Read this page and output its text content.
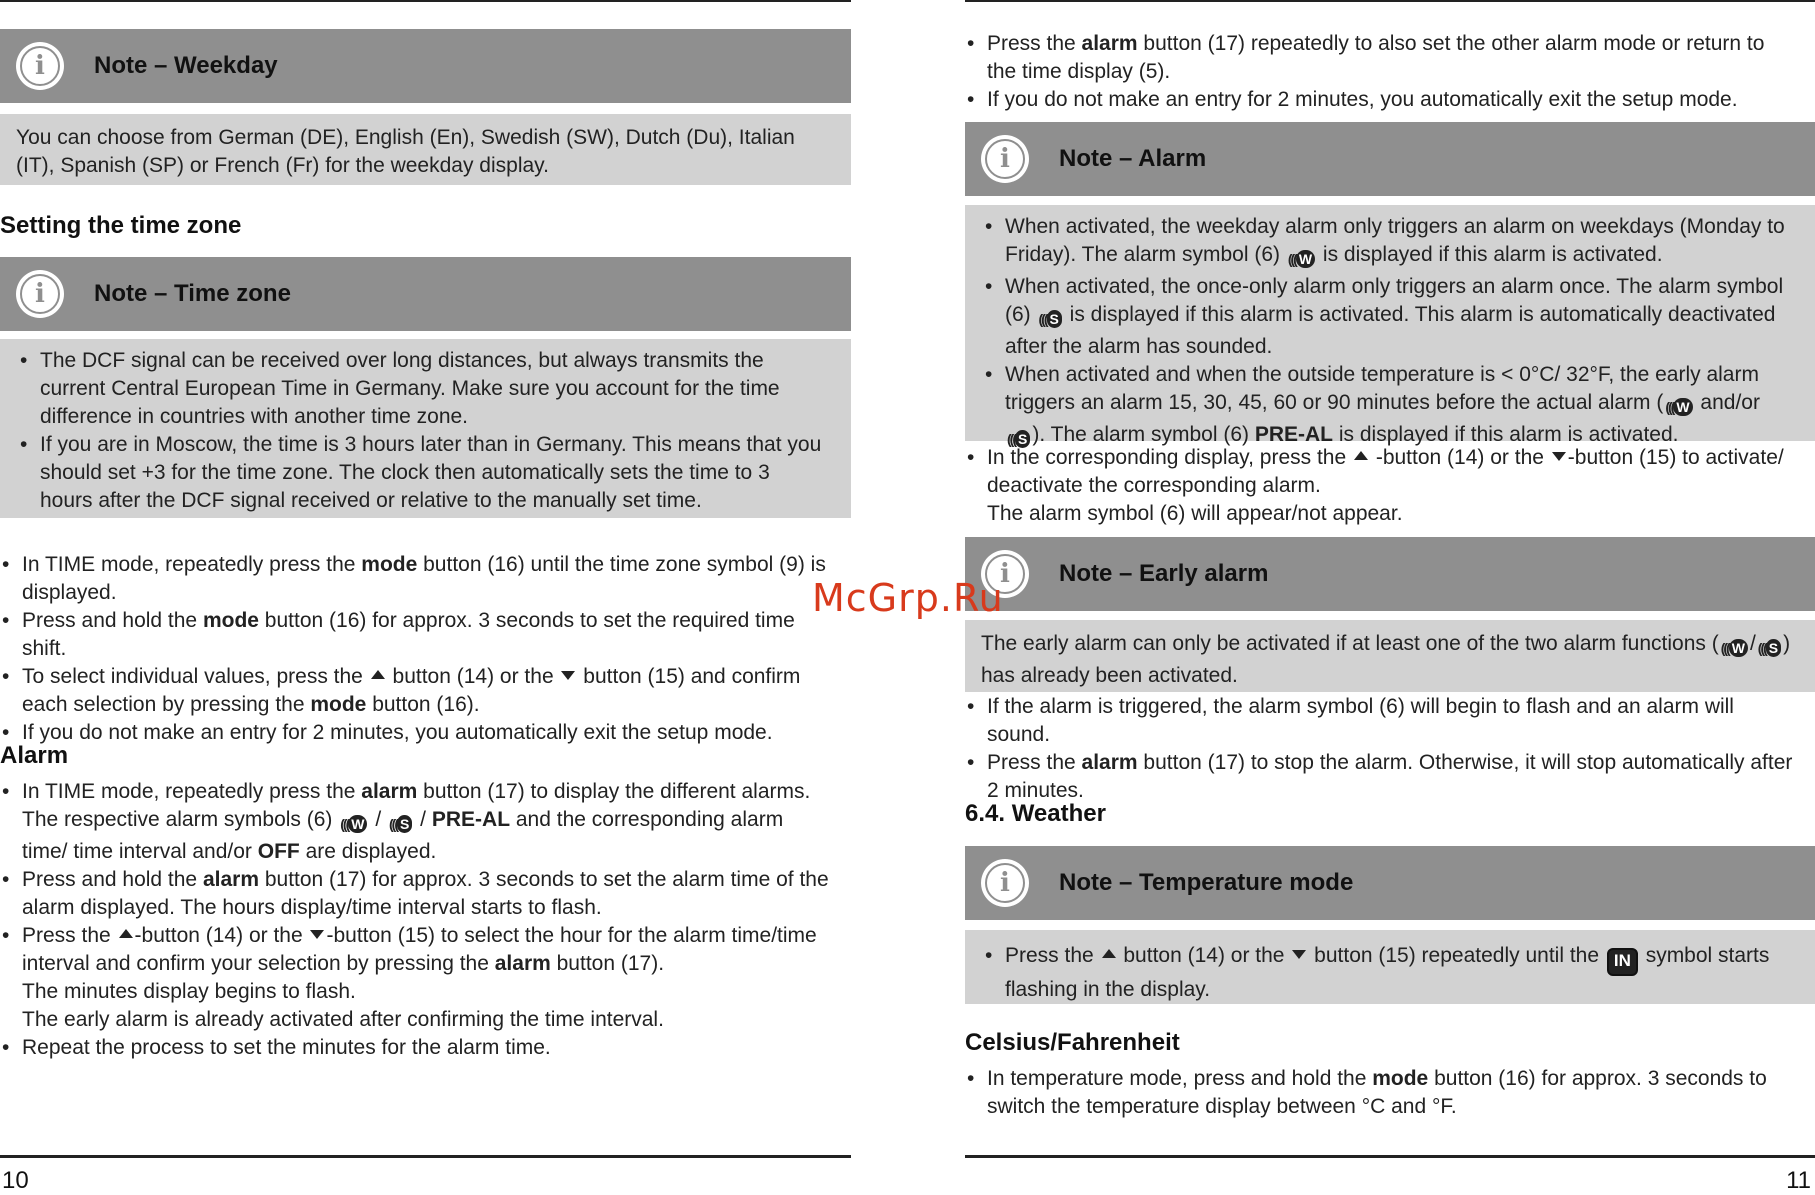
i Note – Weekday
You can choose from German (DE), English (En), Swedish (SW), Dutch (Du), Italian (IT), Spanish (SP) or French (Fr) for the weekday display.
Setting the time zone
i Note – Time zone
• The DCF signal can be received over long distances, but always transmits the current Central European Time in Germany. Make sure you account for the time difference in countries with another time zone.
• If you are in Moscow, the time is 3 hours later than in Germany. This means that you should set +3 for the time zone. The clock then automatically sets the time to 3 hours after the DCF signal received or relative to the manually set time.
• In TIME mode, repeatedly press the mode button (16) until the time zone symbol (9) is displayed.
• Press and hold the mode button (16) for approx. 3 seconds to set the required time shift.
• To select individual values, press the  button (14) or the  button (15) and confirm each selection by pressing the mode button (16).
• If you do not make an entry for 2 minutes, you automatically exit the setup mode.
Alarm
• In TIME mode, repeatedly press the alarm button (17) to display the different alarms.
The respective alarm symbols (6) ((( W / ((( S / PRE-AL and the corresponding alarm time/ time interval and/or OFF are displayed.
• Press and hold the alarm button (17) for approx. 3 seconds to set the alarm time of the alarm displayed. The hours display/time interval starts to flash.
• Press the -button (14) or the -button (15) to select the hour for the alarm time/time interval and confirm your selection by pressing the alarm button (17).
The minutes display begins to flash.
The early alarm is already activated after confirming the time interval.
• Repeat the process to set the minutes for the alarm time.
10
• Press the alarm button (17) repeatedly to also set the other alarm mode or return to the time display (5).
• If you do not make an entry for 2 minutes, you automatically exit the setup mode.
i Note – Alarm
• When activated, the weekday alarm only triggers an alarm on weekdays (Monday to Friday). The alarm symbol (6) ((( W is displayed if this alarm is activated.
• When activated, the once-only alarm only triggers an alarm once. The alarm symbol (6) ((( S is displayed if this alarm is activated. This alarm is automatically deactivated after the alarm has sounded.
• When activated and when the outside temperature is < 0°C/ 32°F, the early alarm triggers an alarm 15, 30, 45, 60 or 90 minutes before the actual alarm ( ((( W and/or
((( S ). The alarm symbol (6) PRE-AL is displayed if this alarm is activated.
• In the corresponding display, press the  -button (14) or the -button (15) to activate/ deactivate the corresponding alarm.
The alarm symbol (6) will appear/not appear.
i Note – Early alarm
The early alarm can only be activated if at least one of the two alarm functions ( ((( W / ((( S ) has already been activated.
• If the alarm is triggered, the alarm symbol (6) will begin to flash and an alarm will sound.
• Press the alarm button (17) to stop the alarm. Otherwise, it will stop automatically after 2 minutes.
6.4. Weather
i Note – Temperature mode
• Press the  button (14) or the  button (15) repeatedly until the IN symbol starts flashing in the display.
Celsius/Fahrenheit
• In temperature mode, press and hold the mode button (16) for approx. 3 seconds to switch the temperature display between °C and °F.
11
McGrp.Ru
